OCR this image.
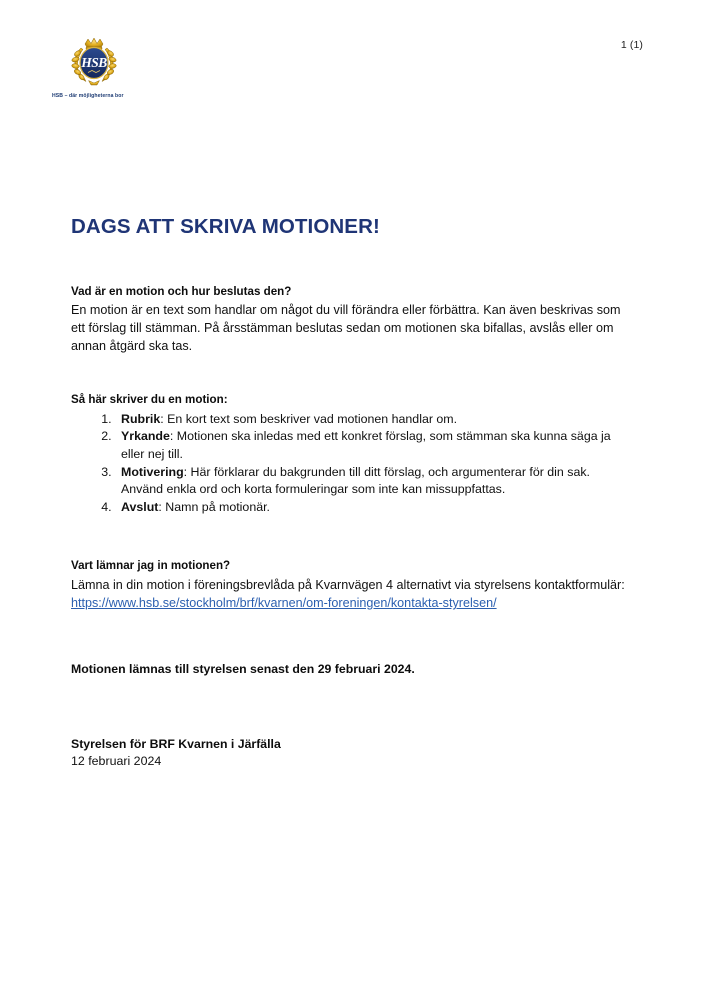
HSB
HSB – där möjligheterna bor
1 (1)
DAGS ATT SKRIVA MOTIONER!
Vad är en motion och hur beslutas den?

En motion är en text som handlar om något du vill förändra eller förbättra. Kan även beskrivas som ett förslag till stämman. På årsstämman beslutas sedan om motionen ska bifallas, avslås eller om annan åtgärd ska tas.

Så här skriver du en motion:
1. Rubrik: En kort text som beskriver vad motionen handlar om.
2. Yrkande: Motionen ska inledas med ett konkret förslag, som stämman ska kunna säga ja eller nej till.
3. Motivering: Här förklarar du bakgrunden till ditt förslag, och argumenterar för din sak. Använd enkla ord och korta formuleringar som inte kan missuppfattas.
4. Avslut: Namn på motionär.
Vart lämnar jag in motionen?

Lämna in din motion i föreningsbrevlåda på Kvarnvägen 4 alternativt via styrelsens kontaktformulär: https://www.hsb.se/stockholm/brf/kvarnen/om-foreningen/kontakta-styrelsen/

Motionen lämnas till styrelsen senast den 29 februari 2024.
Styrelsen för BRF Kvarnen i Järfälla
12 februari 2024
